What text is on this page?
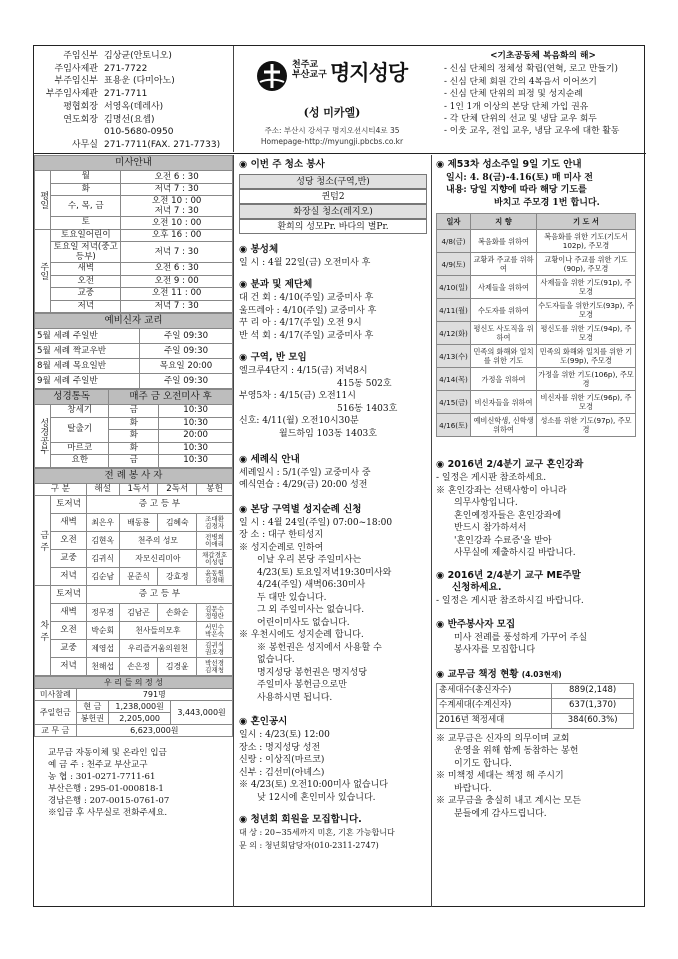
주임신부 김상균(안토니오)
주임사제관 271-7722
부주임신부 표용운 (다미아노)
부주임사제관 271-7711
평협회장 서영옥(데레사)
연도회장 김명선(요셉)
010-5680-0950
사무실 271-7711(FAX. 271-7733)
천주교
부산교구 명지성당
(성 미카엘)
주소: 부산시 강서구 명지오션시티4로 35
Homepage-http://myungji.pbcbs.co.kr
<기초공동체 복음화의 해>
- 신심 단체의 정체성 확립(연혁, 로고 만들기)
- 신심 단체 회원 간의 4복음서 이어쓰기
- 신심 단체 단위의 피정 및 성지순례
- 1인 1개 이상의 본당 단체 가입 권유
- 각 단체 단위의 선교 및 냉담 교우 회두
- 이웃 교우, 전입 교우, 냉담 교우에 대한 활동
미사안내		
평일	월	오전 6 : 30
	화	저녁 7 : 30
	수, 목, 금	오전 10 : 00
저녁 7 : 30
	토	오전 10 : 00
주일	토요일어린이	오후 16 : 00
	토요일 저녁(중고등부)	저녁 7 : 30
	새벽	오전 6 : 30
	오전	오전 9 : 00
	교중	오전 11 : 00
	저녁	저녁 7 : 30
예비신자 교리	
5월 세례 주일반	주일 09:30
5월 세례 짝교우반	주일 09:30
8월 세례 목요일반	목요일 20:00
9월 세례 주일반	주일 09:30
성경통독		매주 금 오전미사 후	
성경공부	창세기	금	10:30
	탈출기	화	10:30
		화	20:00
	마르코	화	10:30
	요한	금	10:30
전 례 봉 사 자					
구 분		해설	1독서	2독서	봉헌
금 주	토저녁	증 고 등 부			
	새벽	최은우	배동룡	김혜숙	조대환
김경자
	오전	김현옥	천주의 성모		전병희
이애리
	교중	김귀식	자모신리미아		채갑경호
이성림
	저녁	김순남	문준식	강효정	윤동원
김경태
차 주	토저녁	증 고 등 부			
	새벽	정무경	김남곤	손화순	김문수
정영란
	오전	박순회	천사들의모후		서민수
박은숙
	교중	제영섭	우리즐거움의원천		김귀식
권오경
	저녁	천해섭	손은정	김경윤	박선경
김재청
우 리 들 의 정 성			
미사참례	791명		
주일헌금	현 금	1,238,000원	3,443,000원
	봉헌권	2,205,000	
교 무 금	6,623,000원		
교무금 자동이체 및 온라인 입금
예 금 주 : 천주교 부산교구
농 협 : 301-0271-7711-61
부산은행 : 295-01-000818-1
경남은행 : 207-0015-0761-07
※입금 후 사무실로 전화주세요.
◉ 이번 주 청소 봉사
성당 청소(구역,반)
퀸텀2
화장실 청소(레지오)
환희의 성모Pr. 바다의 별Pr.
◉ 봉성체
일 시 : 4월 22일(금) 오전미사 후
◉ 분과 및 제단체
대 건 회 : 4/10(주일) 교중미사 후
울뜨레아 : 4/10(주일) 교중미사 후
꾸 리 아 : 4/17(주일) 오전 9시
반 석 회 : 4/17(주일) 교중미사 후
◉ 구역, 반 모임
엘크루4단지 : 4/15(금) 저녁8시
415동 502호
부영5차 : 4/15(금) 오전11시
516동 1403호
신호: 4/11(월) 오전10시30분
월드하임 103동 1403호
◉ 세례식 안내
세례일시 : 5/1(주일) 교중미사 중
예식연습 : 4/29(금) 20:00 성전
◉ 본당 구역별 성지순례 신청
일 시 : 4월 24일(주일) 07:00~18:00
장 소 : 대구 한티성지
※ 성지순례로 인하여
이날 우리 본당 주일미사는
4/23(토) 토요일저녁19:30미사와
4/24(주일) 새벽06:30미사
두 대만 있습니다.
그 외 주일미사는 없습니다.
어린이미사도 없습니다.
※ 우천시에도 성지순례 합니다.
※ 봉헌권은 성지에서 사용할 수
없습니다.
명지성당 봉헌권은 명지성당
주일미사 봉헌금으로만
사용하시면 됩니다.
◉ 혼인공시
일시 : 4/23(토) 12:00
장소 : 명지성당 성전
신랑 : 이상직(마르코)
신부 : 김선미(아녜스)
※ 4/23(토) 오전10:00미사 없습니다
낮 12시에 혼인미사 있습니다.
◉ 청년회 회원을 모집합니다.
대 상 : 20~35세까지 미혼, 기혼 가능합니다
문 의 : 청년회담당자(010-2311-2747)
◉ 제53차 성소주일 9일 기도 안내
일시: 4. 8(금)-4.16(토) 매 미사 전
내용: 당일 지향에 따라 해당 기도를
바치고 주모경 1번 합니다.
일자	지 향	기 도 서
4/8(금)	복음화를 위하여	복음화를 위한 기도(기도서 102p), 주모경
4/9(토)	교황과 주교를 위하여	교황이나 주교를 위한 기도(90p), 주모경
4/10(일)	사제들을 위하여	사제들을 위한 기도(91p), 주모경
4/11(월)	수도자를 위하여	수도자들을 위한기도(93p), 주모경
4/12(화)	평신도 사도직을 위하여	평신도를 위한 기도(94p), 주모경
4/13(수)	민족의 화해와 일치를 위한 기도	민족의 화해와 일치를 위한 기도(99p), 주모경
4/14(목)	가정을 위하여	가정을 위한 기도(106p), 주모경
4/15(금)	비신자들을 위하여	비신자를 위한 기도(96p), 주모경
4/16(토)	예비신학생, 신학생 위하여	성소를 위한 기도(97p), 주모경
◉ 2016년 2/4분기 교구 혼인강좌
- 일정은 게시판 참조하세요.
※ 혼인강좌는 선택사항이 아니라
의무사항입니다.
혼인예정자들은 혼인강좌에
반드시 참가하셔서
'혼인강좌 수료증'을 받아
사무실에 제출하시길 바랍니다.
◉ 2016년 2/4분기 교구 ME주말
신청하세요.
- 일정은 게시판 참조하시길 바랍니다.
◉ 반주봉사자 모집
미사 전례를 풍성하게 가꾸어 주실
봉사자를 모집합니다
◉ 교무금 책정 현황 (4.03현재)
총세대수(총신자수)	889(2,148)
수계세대(수계신자)	637(1,370)
2016년 책정세대	384(60.3%)
※ 교무금은 신자의 의무이며 교회
운영을 위해 함께 동참하는 봉헌
이기도 합니다.
※ 미책정 세대는 책정 해 주시기
바랍니다.
※ 교무금을 충실히 내고 계시는 모든
분들에게 감사드립니다.
